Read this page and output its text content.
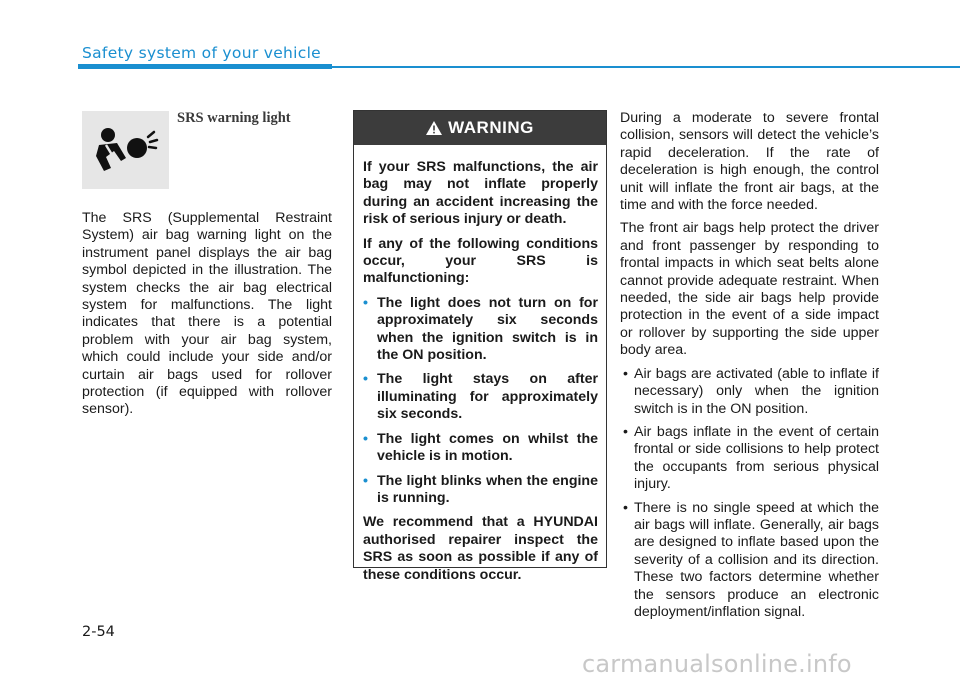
Safety system of your vehicle
SRS warning light

The SRS (Supplemental Restraint System) air bag warning light on the instrument panel displays the air bag symbol depicted in the illustration. The system checks the air bag electrical system for malfunctions. The light indicates that there is a potential problem with your air bag system, which could include your side and/or curtain air bags used for rollover protection (if equipped with rollover sensor).

WARNING

If your SRS malfunctions, the air bag may not inflate properly during an accident increasing the risk of serious injury or death.

If any of the following conditions occur, your SRS is malfunctioning:

• The light does not turn on for approximately six seconds when the ignition switch is in the ON position.
• The light stays on after illuminating for approximately six seconds.
• The light comes on whilst the vehicle is in motion.
• The light blinks when the engine is running.

We recommend that a HYUNDAI authorised repairer inspect the SRS as soon as possible if any of these conditions occur.

During a moderate to severe frontal collision, sensors will detect the vehicle’s rapid deceleration. If the rate of deceleration is high enough, the control unit will inflate the front air bags, at the time and with the force needed.

The front air bags help protect the driver and front passenger by responding to frontal impacts in which seat belts alone cannot provide adequate restraint. When needed, the side air bags help provide protection in the event of a side impact or rollover by supporting the side upper body area.

• Air bags are activated (able to inflate if necessary) only when the ignition switch is in the ON position.
• Air bags inflate in the event of certain frontal or side collisions to help protect the occupants from serious physical injury.
• There is no single speed at which the air bags will inflate. Generally, air bags are designed to inflate based upon the severity of a collision and its direction. These two factors determine whether the sensors produce an electronic deployment/inflation signal.
2-54
carmanualsonline.info
